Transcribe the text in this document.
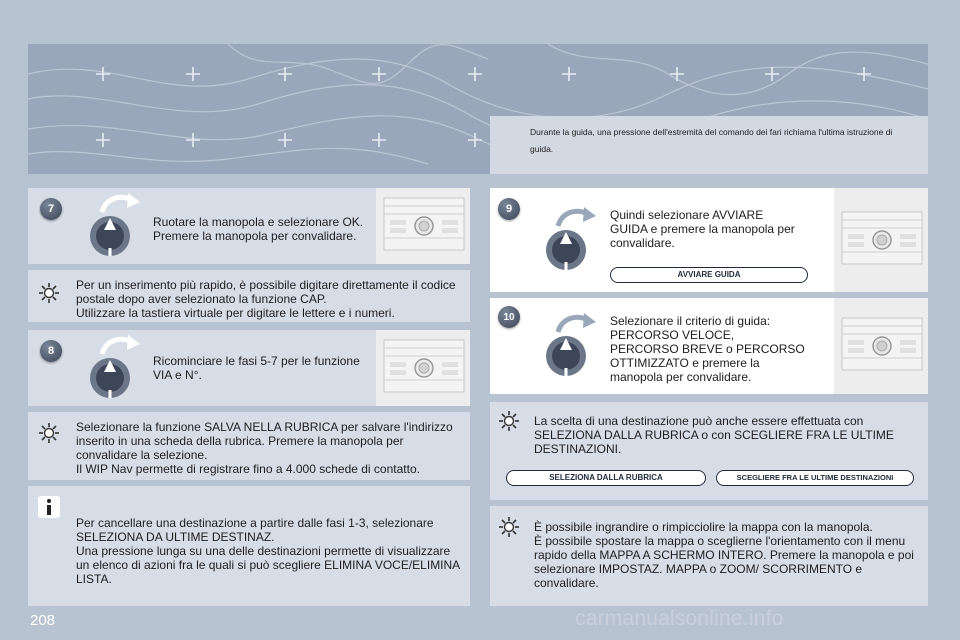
Durante la guida, una pressione dell'estremità del comando dei fari richiama l'ultima istruzione di guida.
7
Ruotare la manopola e selezionare OK.
Premere la manopola per convalidare.
Per un inserimento più rapido, è possibile digitare direttamente il codice postale dopo aver selezionato la funzione CAP.
Utilizzare la tastiera virtuale per digitare le lettere e i numeri.
8
Ricominciare le fasi 5-7 per le funzione
VIA e N°.
Selezionare la funzione SALVA NELLA RUBRICA per salvare l'indirizzo inserito in una scheda della rubrica. Premere la manopola per convalidare la selezione.
Il WIP Nav permette di registrare fino a 4.000 schede di contatto.
Per cancellare una destinazione a partire dalle fasi 1-3, selezionare SELEZIONA DA ULTIME DESTINAZ.
Una pressione lunga su una delle destinazioni permette di visualizzare un elenco di azioni fra le quali si può scegliere ELIMINA VOCE/ELIMINA LISTA.
9	Quindi selezionare AVVIARE
GUIDA e premere la manopola per
convalidare.
AVVIARE GUIDA
10	Selezionare il criterio di guida:
PERCORSO VELOCE,
PERCORSO BREVE o PERCORSO
OTTIMIZZATO e premere la
manopola per convalidare.
La scelta di una destinazione può anche essere effettuata con SELEZIONA DALLA RUBRICA o con SCEGLIERE FRA LE ULTIME DESTINAZIONI.
SELEZIONA DALLA RUBRICA	SCEGLIERE FRA LE ULTIME DESTINAZIONI
È possibile ingrandire o rimpicciolire la mappa con la manopola.
È possibile spostare la mappa o sceglierne l'orientamento con il menu rapido della MAPPA A SCHERMO INTERO. Premere la manopola e poi selezionare IMPOSTAZ. MAPPA o ZOOM/ SCORRIMENTO e convalidare.
208	carmanualsonline.info
